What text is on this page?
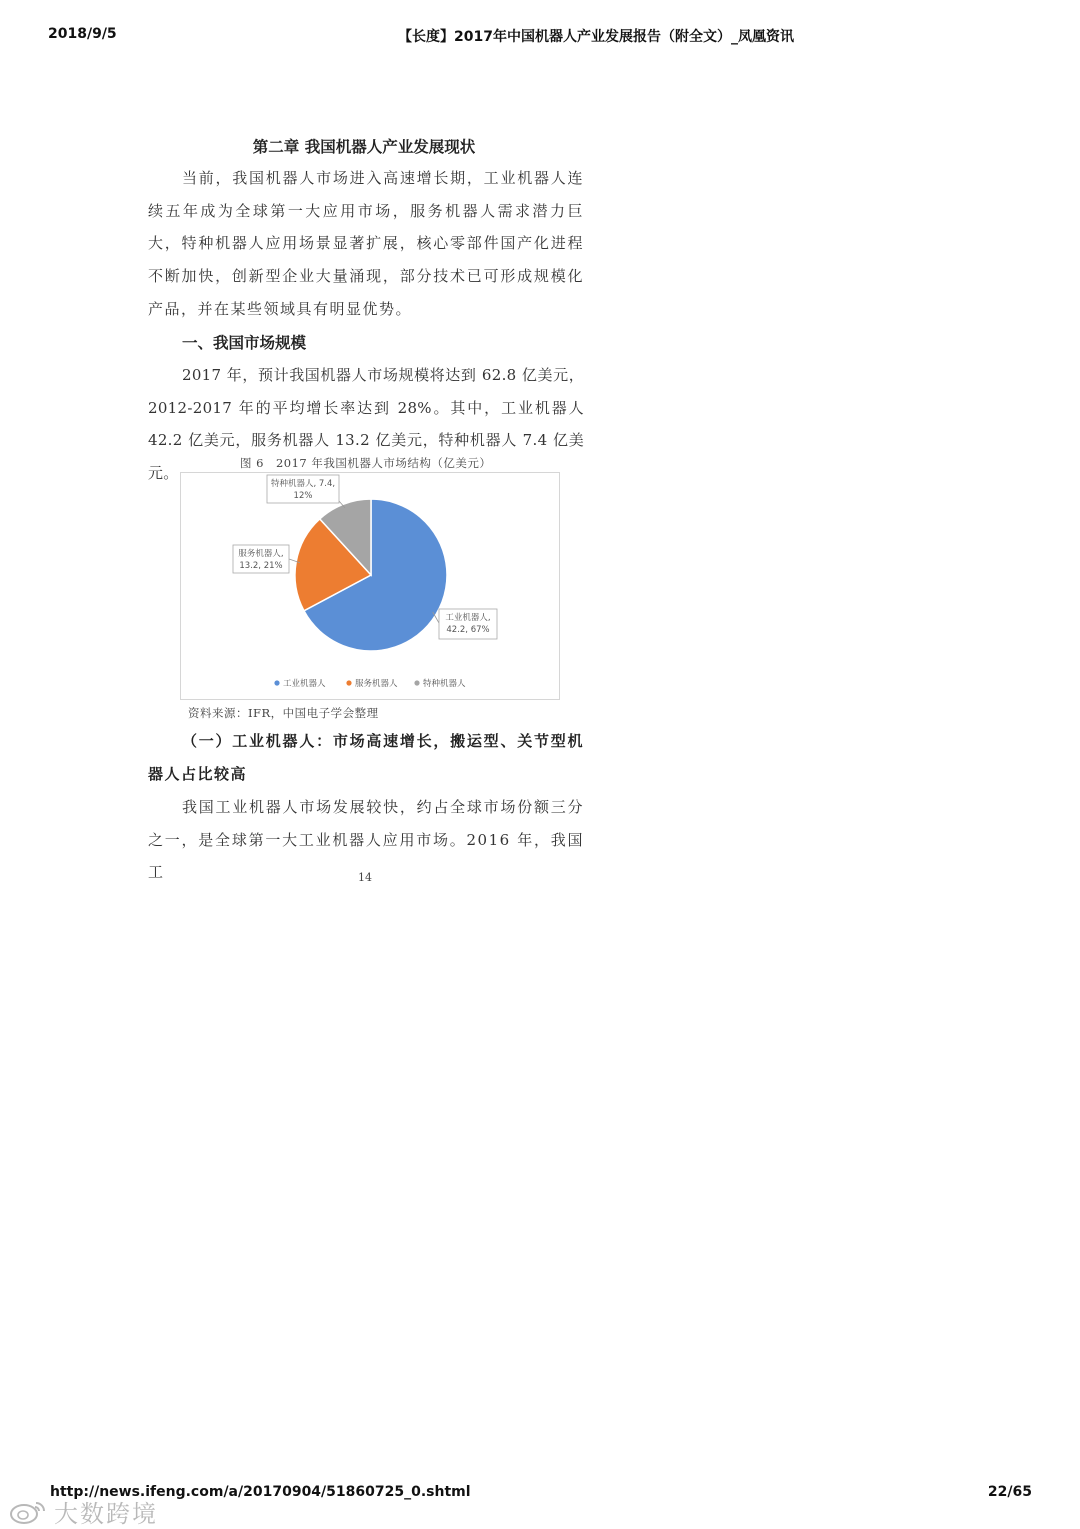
2018/9/5	【长度】2017年中国机器人产业发展报告（附全文）_凤凰资讯
第二章 我国机器人产业发展现状

当前，我国机器人市场进入高速增长期，工业机器人连续五年成为全球第一大应用市场，服务机器人需求潜力巨大，特种机器人应用场景显著扩展，核心零部件国产化进程不断加快，创新型企业大量涌现，部分技术已可形成规模化产品，并在某些领域具有明显优势。

一、我国市场规模

2017 年，预计我国机器人市场规模将达到 62.8 亿美元，2012-2017 年的平均增长率达到 28%。其中，工业机器人 42.2 亿美元，服务机器人 13.2 亿美元，特种机器人 7.4 亿美元。

图 6　2017 年我国机器人市场结构（亿美元）
工业机器人,
42.2, 67%
服务机器人,
13.2, 21%
特种机器人, 7.4,
12%
工业机器人	服务机器人	特种机器人
资料来源：IFR，中国电子学会整理

（一）工业机器人：市场高速增长，搬运型、关节型机器人占比较高

我国工业机器人市场发展较快，约占全球市场份额三分之一，是全球第一大工业机器人应用市场。2016 年，我国工	14
http://news.ifeng.com/a/20170904/51860725_0.shtml	22/65
大数跨境
